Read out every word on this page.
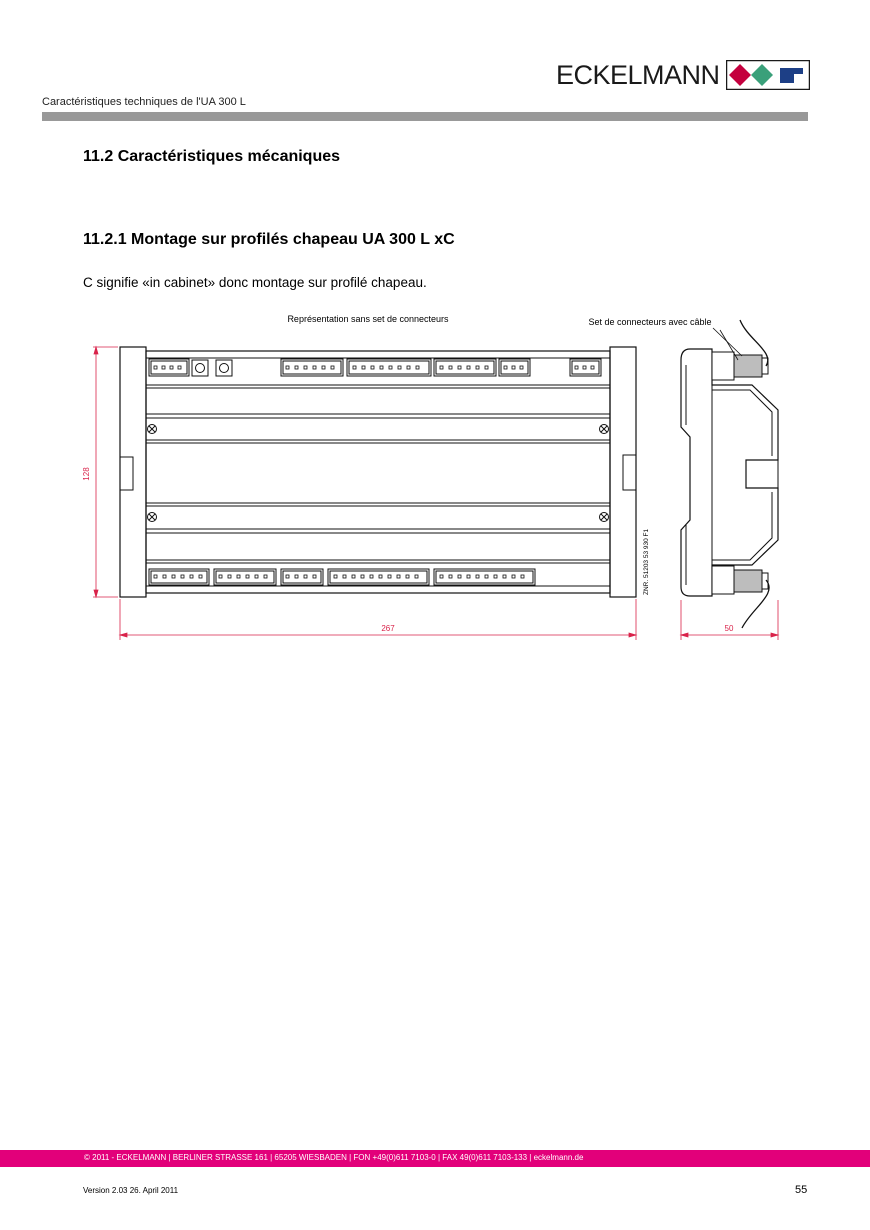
ECKELMANN
Caractéristiques techniques de l'UA 300 L
11.2 Caractéristiques mécaniques
11.2.1 Montage sur profilés chapeau UA 300 L xC
C signifie «in cabinet» donc montage sur profilé chapeau.
Représentation sans set de connecteurs	Set de connecteurs avec câble
ZNR. 51203 53 930 F1
128
267	50
© 2011 - ECKELMANN | BERLINER STRASSE 161 | 65205 WIESBADEN | FON +49(0)611 7103-0 | FAX 49(0)611 7103-133 | eckelmann.de
Version 2.03 26. April 2011	55
